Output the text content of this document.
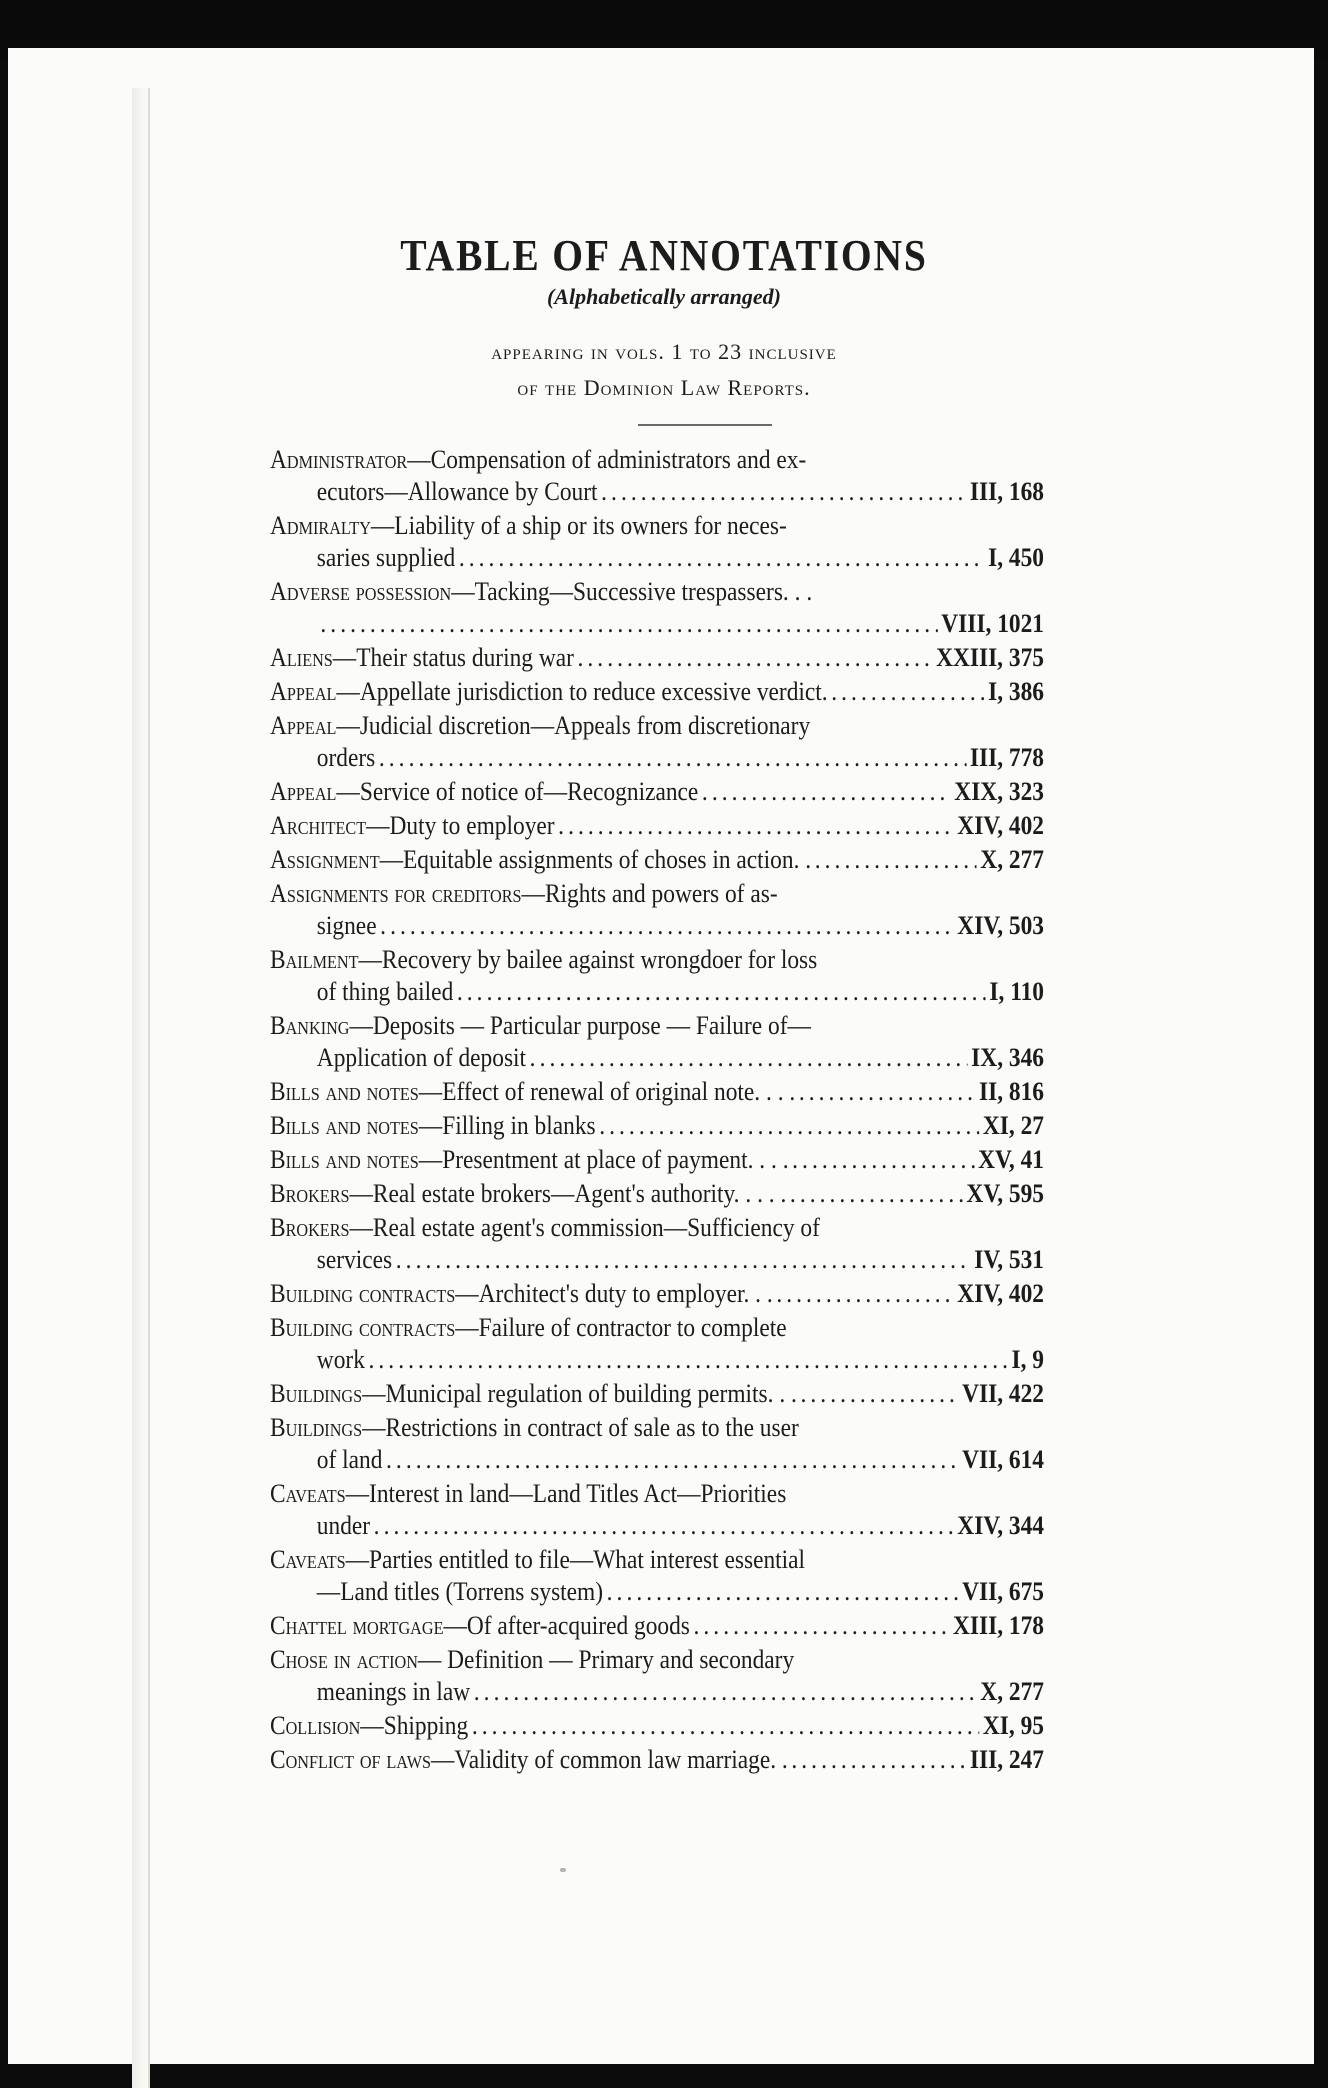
TABLE OF ANNOTATIONS
(Alphabetically arranged)
appearing in vols. 1 to 23 inclusive
of the Dominion Law Reports.
Administrator —Compensation of administrators and ex-
ecutors—Allowance by Court . . .	III, 168
Admiralty —Liability of a ship or its owners for neces-
saries supplied . . .	I, 450
Adverse possession —Tacking—Successive trespassers. . .
. . .
VIII, 1021
Aliens —Their status during war . . .	XXIII, 375
Appeal —Appellate jurisdiction to reduce excessive verdict. . . .	I, 386
Appeal —Judicial discretion—Appeals from discretionary
orders . . .	III, 778
Appeal —Service of notice of—Recognizance . . .	XIX, 323
Architect —Duty to employer . . .	XIV, 402
Assignment —Equitable assignments of choses in action. . . . .	X, 277
Assignments for creditors —Rights and powers of as-
signee . . .	XIV, 503
Bailment —Recovery by bailee against wrongdoer for loss
of thing bailed . . .	I, 110
Banking —Deposits — Particular purpose — Failure of—
Application of deposit . . .	IX, 346
Bills and notes —Effect of renewal of original note. . . . . . .	II, 816
Bills and notes —Filling in blanks . . .	XI, 27
Bills and notes —Presentment at place of payment. . . . . . .	XV, 41
Brokers —Real estate brokers—Agent's authority. . . . . . . .	XV, 595
Brokers —Real estate agent's commission—Sufficiency of
services . . .	IV, 531
Building contracts —Architect's duty to employer. . . . . .	XIV, 402
Building contracts —Failure of contractor to complete
work . . .	I, 9
Buildings —Municipal regulation of building permits. . . . . .	VII, 422
Buildings —Restrictions in contract of sale as to the user
of land . . .	VII, 614
Caveats —Interest in land—Land Titles Act—Priorities
under . . .	XIV, 344
Caveats —Parties entitled to file—What interest essential
—Land titles (Torrens system) . . .	VII, 675
Chattel mortgage —Of after-acquired goods . . .	XIII, 178
Chose in action — Definition — Primary and secondary
meanings in law . . .	X, 277
Collision —Shipping . . .	XI, 95
Conflict of laws —Validity of common law marriage. . . . .	III, 247
